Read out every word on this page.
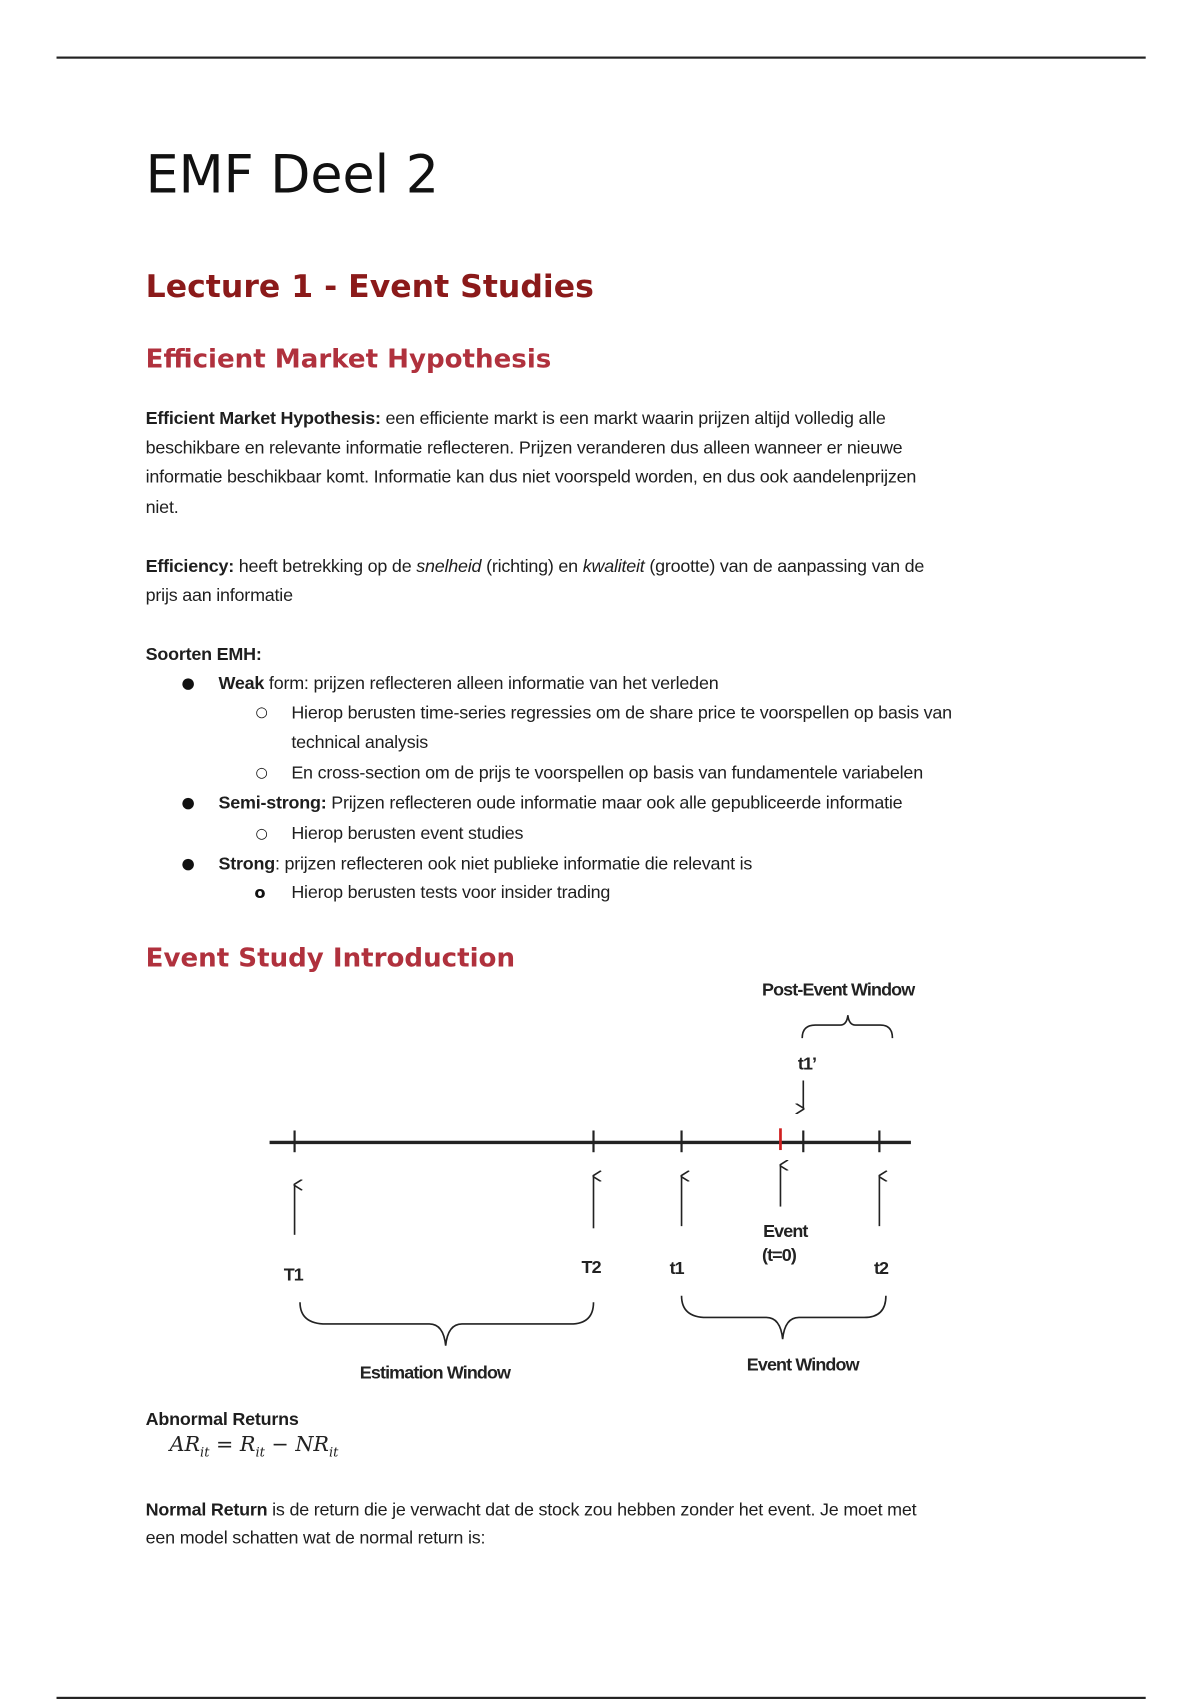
EMF Deel 2
Lecture 1 - Event Studies
Efficient Market Hypothesis
Efficient Market Hypothesis: een efficiente markt is een markt waarin prijzen altijd volledig alle
beschikbare en relevante informatie reflecteren. Prijzen veranderen dus alleen wanneer er nieuwe
informatie beschikbaar komt. Informatie kan dus niet voorspeld worden, en dus ook aandelenprijzen
niet.
Efficiency: heeft betrekking op de snelheid (richting) en kwaliteit (grootte) van de aanpassing van de
prijs aan informatie
Soorten EMH:
● Weak form: prijzen reflecteren alleen informatie van het verleden
○ Hierop berusten time-series regressies om de share price te voorspellen op basis van
technical analysis
○ En cross-section om de prijs te voorspellen op basis van fundamentele variabelen
● Semi-strong: Prijzen reflecteren oude informatie maar ook alle gepubliceerde informatie
○ Hierop berusten event studies
● Strong: prijzen reflecteren ook niet publieke informatie die relevant is
o Hierop berusten tests voor insider trading
Event Study Introduction
Post-Event Window
t1’
T1	T2	t1
Event
(t=0)
t2
Estimation Window	Event Window
Abnormal Returns
$AR_{it} = R_{it} - NR_{it}$
Normal Return is de return die je verwacht dat de stock zou hebben zonder het event. Je moet met
een model schatten wat de normal return is:
